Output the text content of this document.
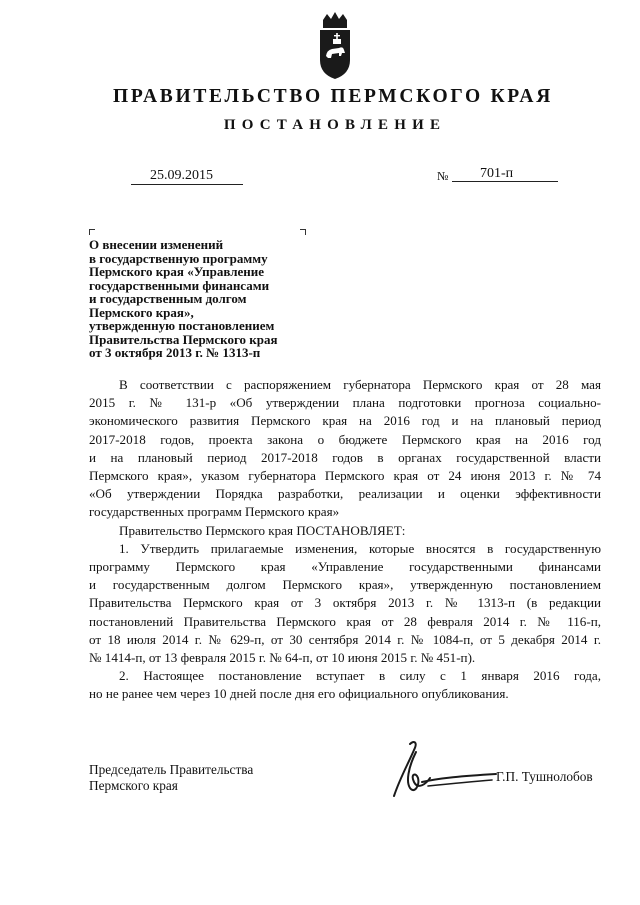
ПРАВИТЕЛЬСТВО ПЕРМСКОГО КРАЯ
ПОСТАНОВЛЕНИЕ
25.09.2015	№ 701-п
О внесении изменений
в государственную программу
Пермского края «Управление
государственными финансами
и государственным долгом
Пермского края»,
утвержденную постановлением
Правительства Пермского края
от 3 октября 2013 г. № 1313-п
В соответствии с распоряжением губернатора Пермского края от 28 мая
2015 г. № 131-р «Об утверждении плана подготовки прогноза социально-
экономического развития Пермского края на 2016 год и на плановый период
2017-2018 годов, проекта закона о бюджете Пермского края на 2016 год
и на плановый период 2017-2018 годов в органах государственной власти
Пермского края», указом губернатора Пермского края от 24 июня 2013 г. № 74
«Об утверждении Порядка разработки, реализации и оценки эффективности
государственных программ Пермского края»
Правительство Пермского края ПОСТАНОВЛЯЕТ:
1. Утвердить прилагаемые изменения, которые вносятся в государственную
программу Пермского края «Управление государственными финансами
и государственным долгом Пермского края», утвержденную постановлением
Правительства Пермского края от 3 октября 2013 г. № 1313-п (в редакции
постановлений Правительства Пермского края от 28 февраля 2014 г. № 116-п,
от 18 июля 2014 г. № 629-п, от 30 сентября 2014 г. № 1084-п, от 5 декабря 2014 г.
№ 1414-п, от 13 февраля 2015 г. № 64-п, от 10 июня 2015 г. № 451-п).
2. Настоящее постановление вступает в силу с 1 января 2016 года,
но не ранее чем через 10 дней после дня его официального опубликования.
Председатель Правительства
Пермского края
Г.П. Тушнолобов
